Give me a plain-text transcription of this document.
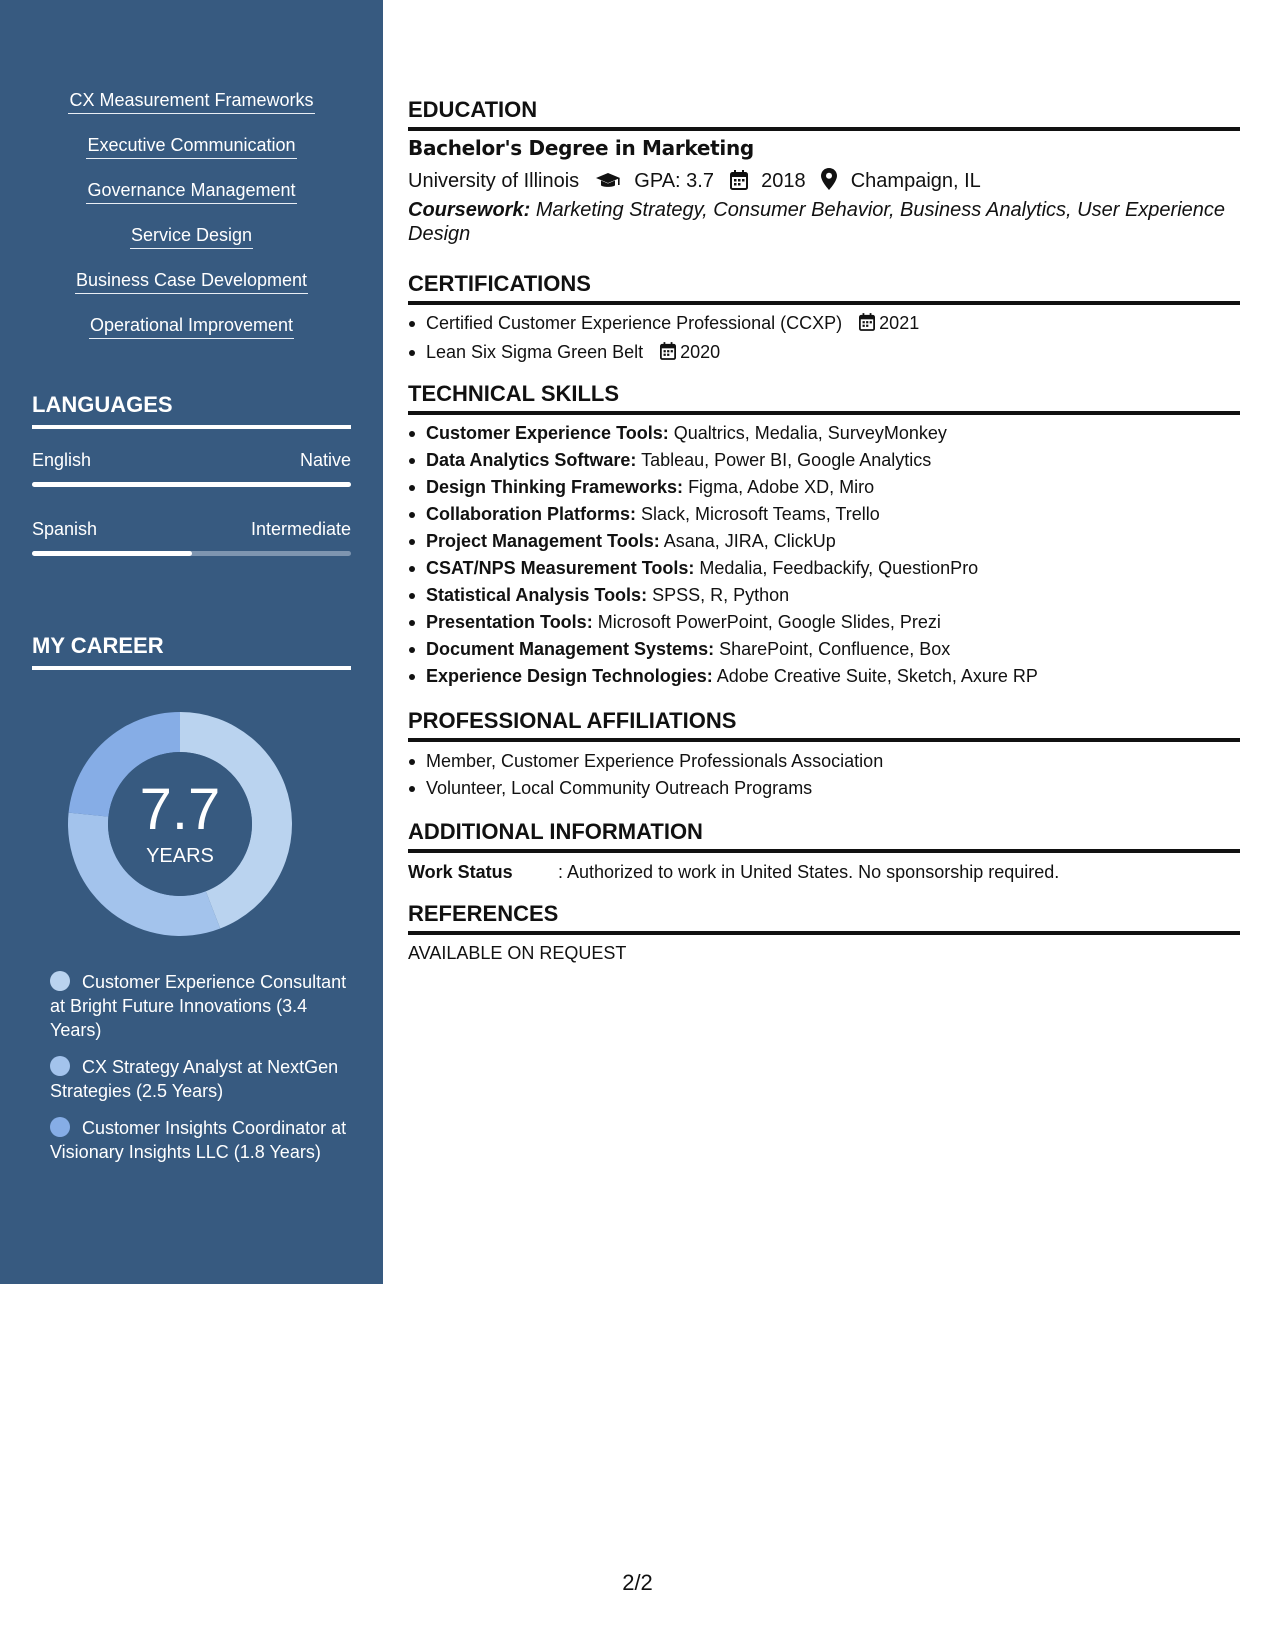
CX Measurement Frameworks
Executive Communication
Governance Management
Service Design
Business Case Development
Operational Improvement
LANGUAGES
English	Native
Spanish	Intermediate
MY CAREER
7.7
YEARS
Customer Experience Consultant at Bright Future Innovations (3.4 Years)
CX Strategy Analyst at NextGen Strategies (2.5 Years)
Customer Insights Coordinator at Visionary Insights LLC (1.8 Years)
EDUCATION
Bachelor's Degree in Marketing
University of Illinois	GPA: 3.7 2018 Champaign, IL
Coursework: Marketing Strategy, Consumer Behavior, Business Analytics, User Experience Design
CERTIFICATIONS
Certified Customer Experience Professional (CCXP) 2021
Lean Six Sigma Green Belt 2020
TECHNICAL SKILLS
Customer Experience Tools: Qualtrics, Medalia, SurveyMonkey
Data Analytics Software: Tableau, Power BI, Google Analytics
Design Thinking Frameworks: Figma, Adobe XD, Miro
Collaboration Platforms: Slack, Microsoft Teams, Trello
Project Management Tools: Asana, JIRA, ClickUp
CSAT/NPS Measurement Tools: Medalia, Feedbackify, QuestionPro
Statistical Analysis Tools: SPSS, R, Python
Presentation Tools: Microsoft PowerPoint, Google Slides, Prezi
Document Management Systems: SharePoint, Confluence, Box
Experience Design Technologies: Adobe Creative Suite, Sketch, Axure RP
PROFESSIONAL AFFILIATIONS
Member, Customer Experience Professionals Association
Volunteer, Local Community Outreach Programs
ADDITIONAL INFORMATION
Work Status	: Authorized to work in United States. No sponsorship required.
REFERENCES
AVAILABLE ON REQUEST
2/2
